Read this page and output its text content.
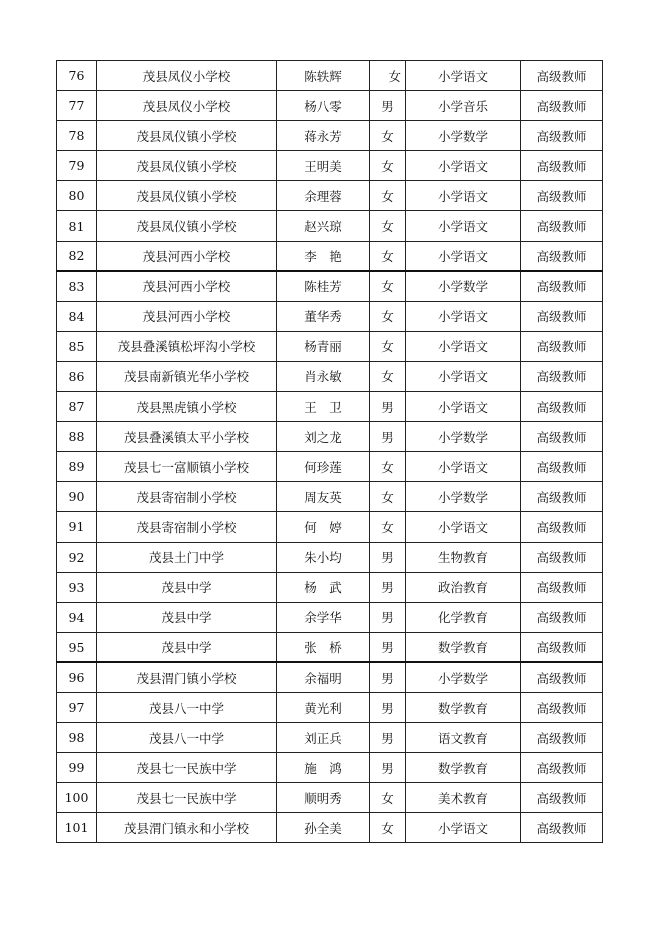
76	茂县凤仪小学校	陈轶辉	女	小学语文	高级教师
77	茂县凤仪小学校	杨八零	男	小学音乐	高级教师
78	茂县凤仪镇小学校	蒋永芳	女	小学数学	高级教师
79	茂县凤仪镇小学校	王明美	女	小学语文	高级教师
80	茂县凤仪镇小学校	余理蓉	女	小学语文	高级教师
81	茂县凤仪镇小学校	赵兴琼	女	小学语文	高级教师
82	茂县河西小学校	李　艳	女	小学语文	高级教师
83	茂县河西小学校	陈桂芳	女	小学数学	高级教师
84	茂县河西小学校	董华秀	女	小学语文	高级教师
85	茂县叠溪镇松坪沟小学校	杨青丽	女	小学语文	高级教师
86	茂县南新镇光华小学校	肖永敏	女	小学语文	高级教师
87	茂县黑虎镇小学校	王　卫	男	小学语文	高级教师
88	茂县叠溪镇太平小学校	刘之龙	男	小学数学	高级教师
89	茂县七一富顺镇小学校	何珍莲	女	小学语文	高级教师
90	茂县寄宿制小学校	周友英	女	小学数学	高级教师
91	茂县寄宿制小学校	何　婷	女	小学语文	高级教师
92	茂县土门中学	朱小均	男	生物教育	高级教师
93	茂县中学	杨　武	男	政治教育	高级教师
94	茂县中学	余学华	男	化学教育	高级教师
95	茂县中学	张　桥	男	数学教育	高级教师
96	茂县渭门镇小学校	余福明	男	小学数学	高级教师
97	茂县八一中学	黄光利	男	数学教育	高级教师
98	茂县八一中学	刘正兵	男	语文教育	高级教师
99	茂县七一民族中学	施　鸿	男	数学教育	高级教师
100	茂县七一民族中学	顺明秀	女	美术教育	高级教师
101	茂县渭门镇永和小学校	孙全美	女	小学语文	高级教师
